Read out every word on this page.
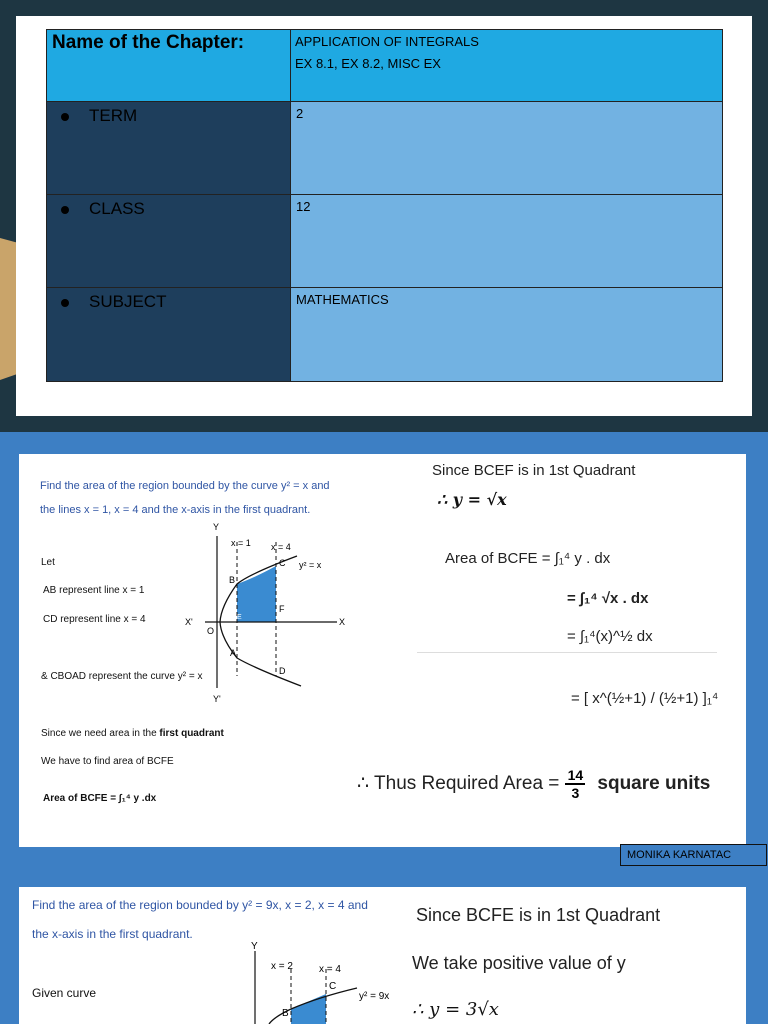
Name of the Chapter:	APPLICATION OF INTEGRALS
EX 8.1, EX 8.2, MISC EX

TERM	2
CLASS	12
SUBJECT	MATHEMATICS
Find the area of the region bounded by the curve y² = x and
the lines x = 1, x = 4 and the x-axis in the first quadrant.
Let
AB represent line x = 1
CD represent line x = 4
& CBOAD represent the curve y² = x
Since we need area in the first quadrant
We have to find area of BCFE
Area of BCFE = ∫₁⁴ y .dx
Y
Y'
X
X'
O
x = 1 x = 4
y² = x
B
C
F
E
A
D
Since BCEF is in 1st Quadrant
∴ y = √x
Area of BCFE = ∫₁⁴ y . dx
= ∫₁⁴ √x . dx
= ∫₁⁴(x)^½ dx
= [ x^(½+1) / (½+1) ]₁⁴
∴ Thus Required Area = 14
3 square units
MONIKA KARNATAC
Find the area of the region bounded by y² = 9x, x = 2, x = 4 and
the x-axis in the first quadrant.
Given curve
Y
x = 2	x = 4
y² = 9x
C
B
Since BCFE is in 1st Quadrant
We take positive value of y
∴ y = 3√x
